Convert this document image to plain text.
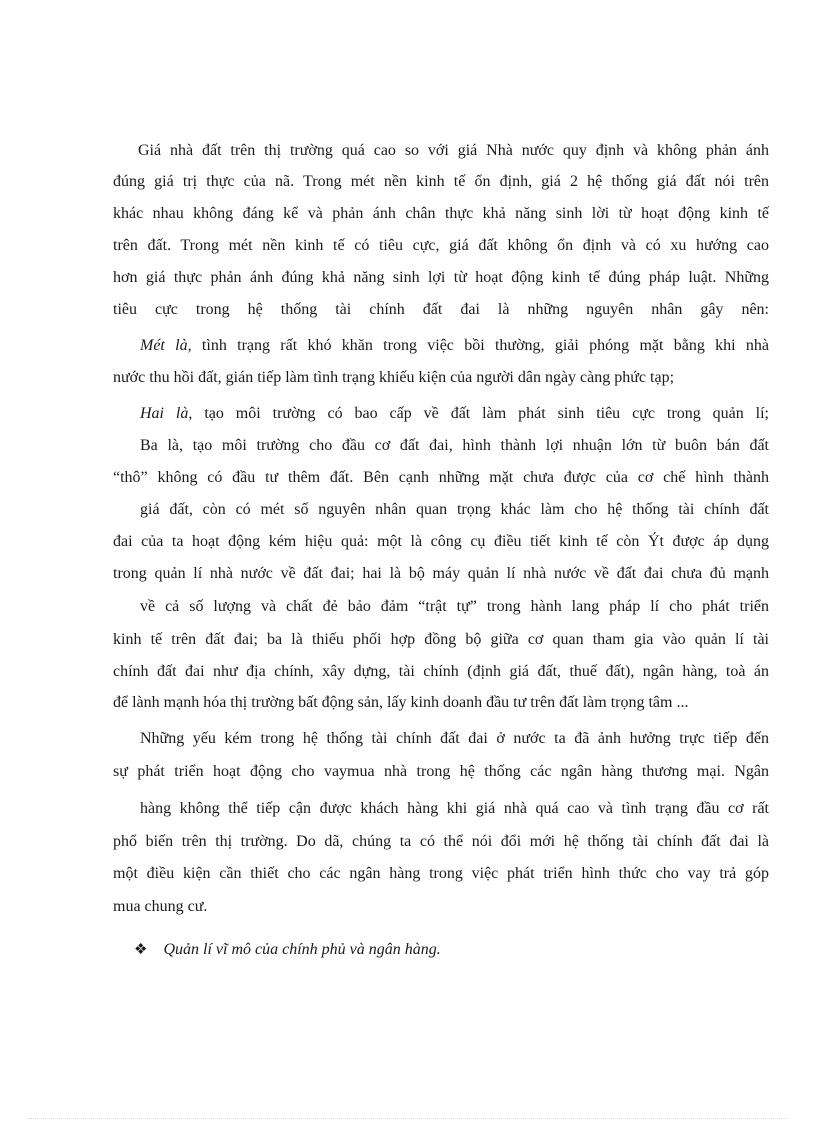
Giá nhà đất trên thị trường quá cao so với giá Nhà nước quy định và không phản ánh

đúng giá trị thực của nã. Trong mét nền kinh tế ổn định, giá 2 hệ thống giá đất nói trên

khác nhau không đáng kể và phản ánh chân thực khả năng sinh lời từ hoạt động kinh tế

trên đất. Trong mét nền kinh tế có tiêu cực, giá đất không ổn định và có xu hướng cao

hơn giá thực phản ánh đúng khả năng sinh lợi từ hoạt động kinh tế đúng pháp luật. Những

tiêu cực trong hệ thống tài chính đất đai là những nguyên nhân gây nên:

Mét là, tình trạng rất khó khăn trong việc bồi thường, giải phóng mặt bằng khi nhà

nước thu hồi đất, gián tiếp làm tình trạng khiếu kiện của người dân ngày càng phức tạp;

Hai là, tạo môi trường có bao cấp về đất làm phát sinh tiêu cực trong quản lí;

Ba là, tạo môi trường cho đầu cơ đất đai, hình thành lợi nhuận lớn từ buôn bán đất

“thô” không có đầu tư thêm đất. Bên cạnh những mặt chưa được của cơ chế hình thành

giá đất, còn có mét số nguyên nhân quan trọng khác làm cho hệ thống tài chính đất

đai của ta hoạt động kém hiệu quả: một là công cụ điều tiết kinh tế còn Ýt được áp dụng

trong quản lí nhà nước về đất đai; hai là bộ máy quản lí nhà nước về đất đai chưa đủ mạnh

về cả số lượng và chất đẻ bảo đảm “trật tự” trong hành lang pháp lí cho phát triển

kinh tế trên đất đai; ba là thiếu phối hợp đồng bộ giữa cơ quan tham gia vào quản lí tài

chính đất đai như địa chính, xây dựng, tài chính (định giá đất, thuế đất), ngân hàng, toà án

để lành mạnh hóa thị trường bất động sản, lấy kinh doanh đầu tư trên đất làm trọng tâm ...

Những yếu kém trong hệ thống tài chính đất đai ở nước ta đã ảnh hưởng trực tiếp đến

sự phát triển hoạt động cho vaymua nhà trong hệ thống các ngân hàng thương mại. Ngân

hàng không thể tiếp cận được khách hàng khi giá nhà quá cao và tình trạng đầu cơ rất

phổ biến trên thị trường. Do dã, chúng ta có thể nói đổi mới hệ thống tài chính đất đai là

một điều kiện cần thiết cho các ngân hàng trong việc phát triển hình thức cho vay trả góp

mua chung cư.

❖ Quản lí vĩ mô của chính phủ và ngân hàng.
